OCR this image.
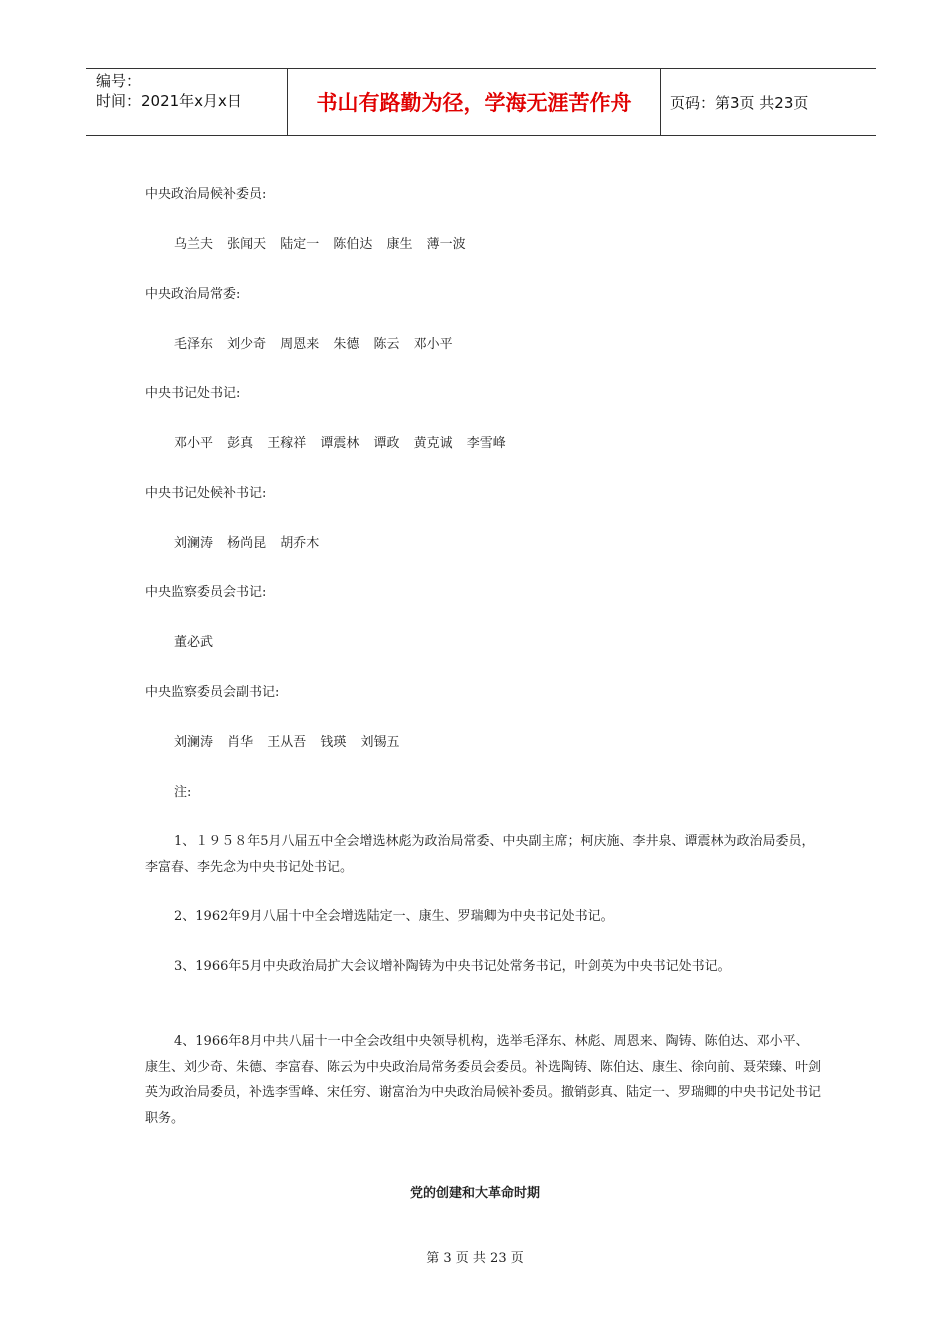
编号：
时间：2021年x月x日	书山有路勤为径，学海无涯苦作舟	页码：第3页 共23页
中央政治局候补委员:
乌兰夫 张闻天 陆定一 陈伯达 康生 薄一波
中央政治局常委:
毛泽东 刘少奇 周恩来 朱德 陈云 邓小平
中央书记处书记:
邓小平 彭真 王稼祥 谭震林 谭政 黄克诚 李雪峰
中央书记处候补书记:
刘澜涛 杨尚昆 胡乔木
中央监察委员会书记:
董必武
中央监察委员会副书记:
刘澜涛 肖华 王从吾 钱瑛 刘锡五
注:
1、１９５８年5月八届五中全会增选林彪为政治局常委、中央副主席；柯庆施、李井泉、谭震林为政治局委员，李富春、李先念为中央书记处书记。
2、1962年9月八届十中全会增选陆定一、康生、罗瑞卿为中央书记处书记。
3、1966年5月中央政治局扩大会议增补陶铸为中央书记处常务书记，叶剑英为中央书记处书记。
4、1966年8月中共八届十一中全会改组中央领导机构，选举毛泽东、林彪、周恩来、陶铸、陈伯达、邓小平、康生、刘少奇、朱德、李富春、陈云为中央政治局常务委员会委员。补选陶铸、陈伯达、康生、徐向前、聂荣臻、叶剑英为政治局委员，补选李雪峰、宋任穷、谢富治为中央政治局候补委员。撤销彭真、陆定一、罗瑞卿的中央书记处书记职务。
党的创建和大革命时期
第 3 页 共 23 页
